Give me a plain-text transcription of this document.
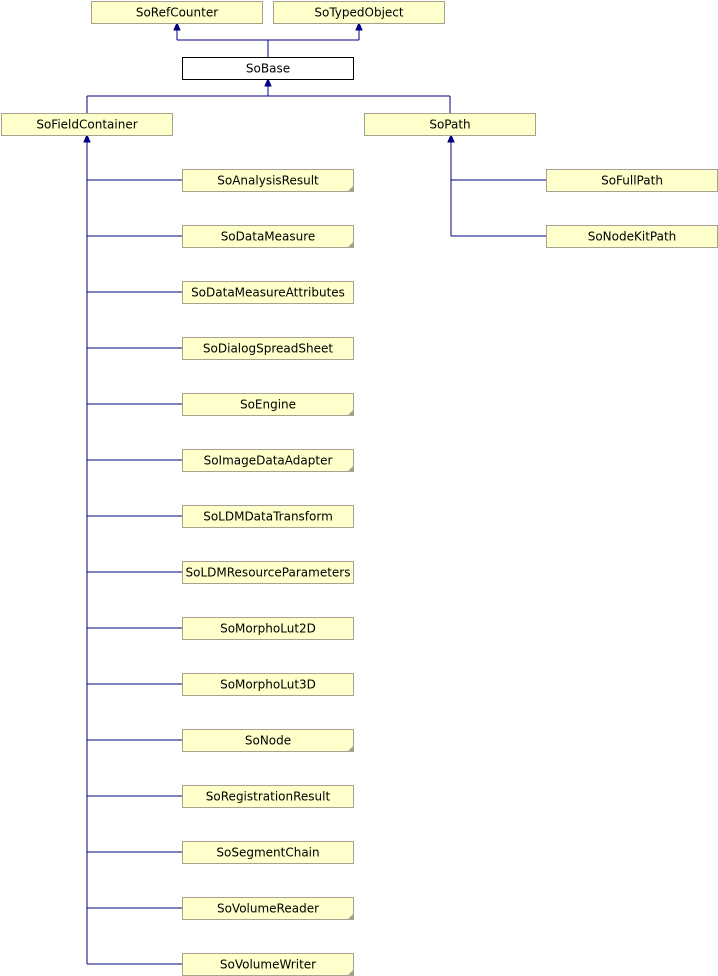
SoRefCounter	SoTypedObject
SoBase
SoFieldContainer	SoPath
SoFullPath
SoNodeKitPath
SoAnalysisResult
SoDataMeasure
SoDataMeasureAttributes
SoDialogSpreadSheet
SoEngine
SoImageDataAdapter
SoLDMDataTransform
SoLDMResourceParameters
SoMorphoLut2D
SoMorphoLut3D
SoNode
SoRegistrationResult
SoSegmentChain
SoVolumeReader
SoVolumeWriter
